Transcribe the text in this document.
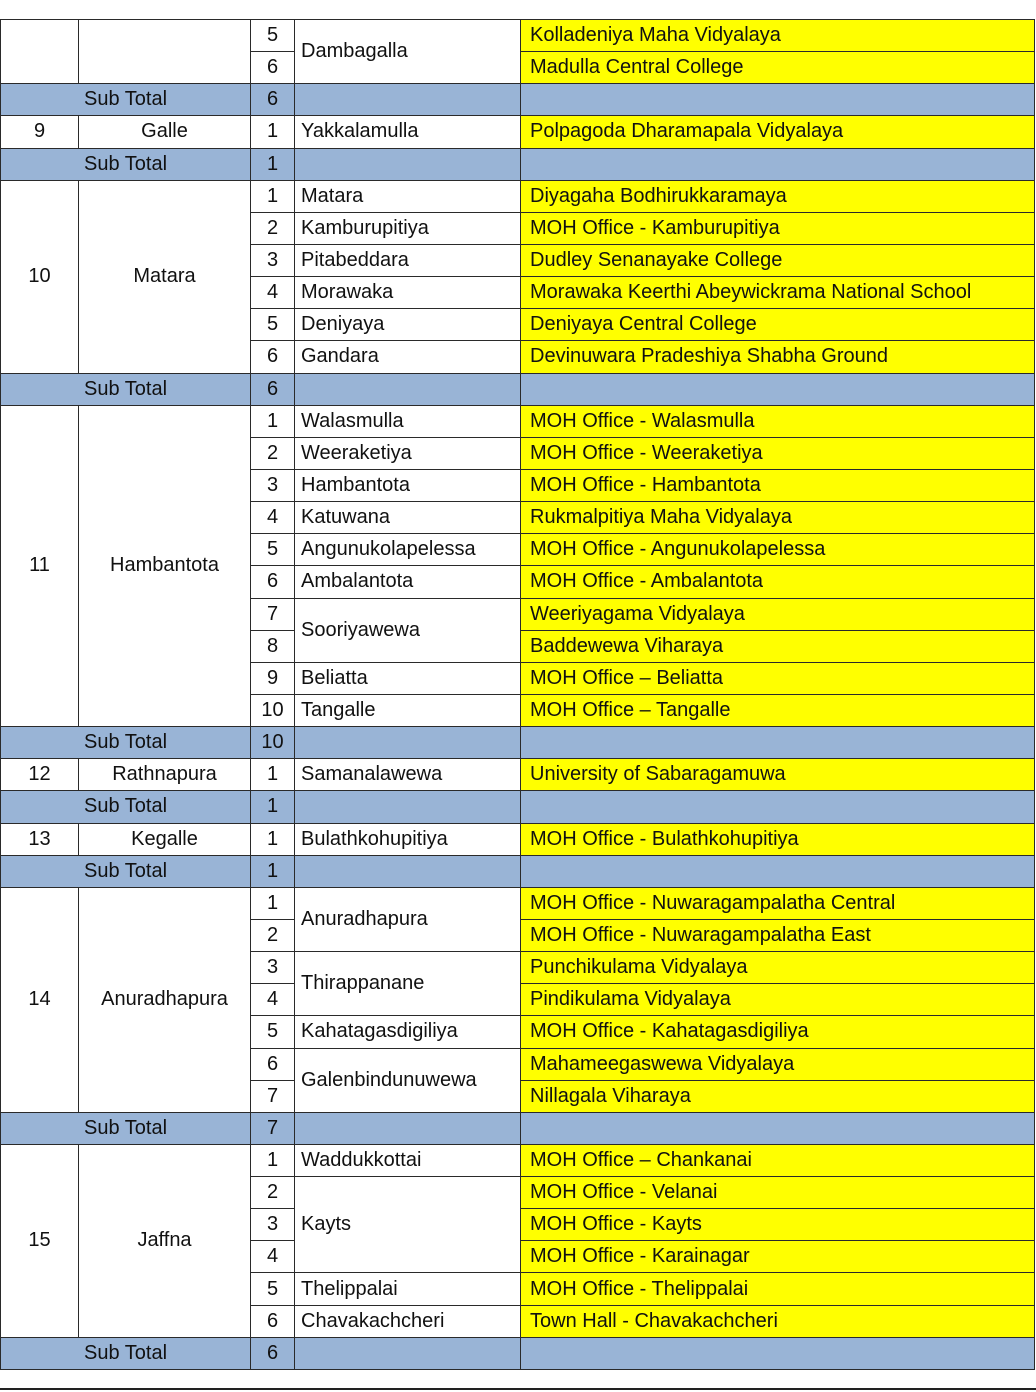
		5	Dambagalla	Kolladeniya Maha Vidyalaya
		6		Madulla Central College
Sub Total		6		
9	Galle	1	Yakkalamulla	Polpagoda Dharamapala Vidyalaya
Sub Total		1		
10	Matara	1	Matara	Diyagaha Bodhirukkaramaya
		2	Kamburupitiya	MOH Office - Kamburupitiya
		3	Pitabeddara	Dudley Senanayake College
		4	Morawaka	Morawaka Keerthi Abeywickrama National School
		5	Deniyaya	Deniyaya Central College
		6	Gandara	Devinuwara Pradeshiya Shabha Ground
Sub Total		6		
11	Hambantota	1	Walasmulla	MOH Office - Walasmulla
		2	Weeraketiya	MOH Office - Weeraketiya
		3	Hambantota	MOH Office - Hambantota
		4	Katuwana	Rukmalpitiya Maha Vidyalaya
		5	Angunukolapelessa	MOH Office - Angunukolapelessa
		6	Ambalantota	MOH Office - Ambalantota
		7	Sooriyawewa	Weeriyagama Vidyalaya
		8		Baddewewa Viharaya
		9	Beliatta	MOH Office – Beliatta
		10	Tangalle	MOH Office – Tangalle
Sub Total		10		
12	Rathnapura	1	Samanalawewa	University of Sabaragamuwa
Sub Total		1		
13	Kegalle	1	Bulathkohupitiya	MOH Office - Bulathkohupitiya
Sub Total		1		
14	Anuradhapura	1	Anuradhapura	MOH Office - Nuwaragampalatha Central
		2		MOH Office - Nuwaragampalatha East
		3	Thirappanane	Punchikulama Vidyalaya
		4		Pindikulama Vidyalaya
		5	Kahatagasdigiliya	MOH Office - Kahatagasdigiliya
		6	Galenbindunuwewa	Mahameegaswewa Vidyalaya
		7		Nillagala Viharaya
Sub Total		7		
15	Jaffna	1	Waddukkottai	MOH Office – Chankanai
		2	Kayts	MOH Office - Velanai
		3		MOH Office - Kayts
		4		MOH Office - Karainagar
		5	Thelippalai	MOH Office - Thelippalai
		6	Chavakachcheri	Town Hall - Chavakachcheri
Sub Total		6		
